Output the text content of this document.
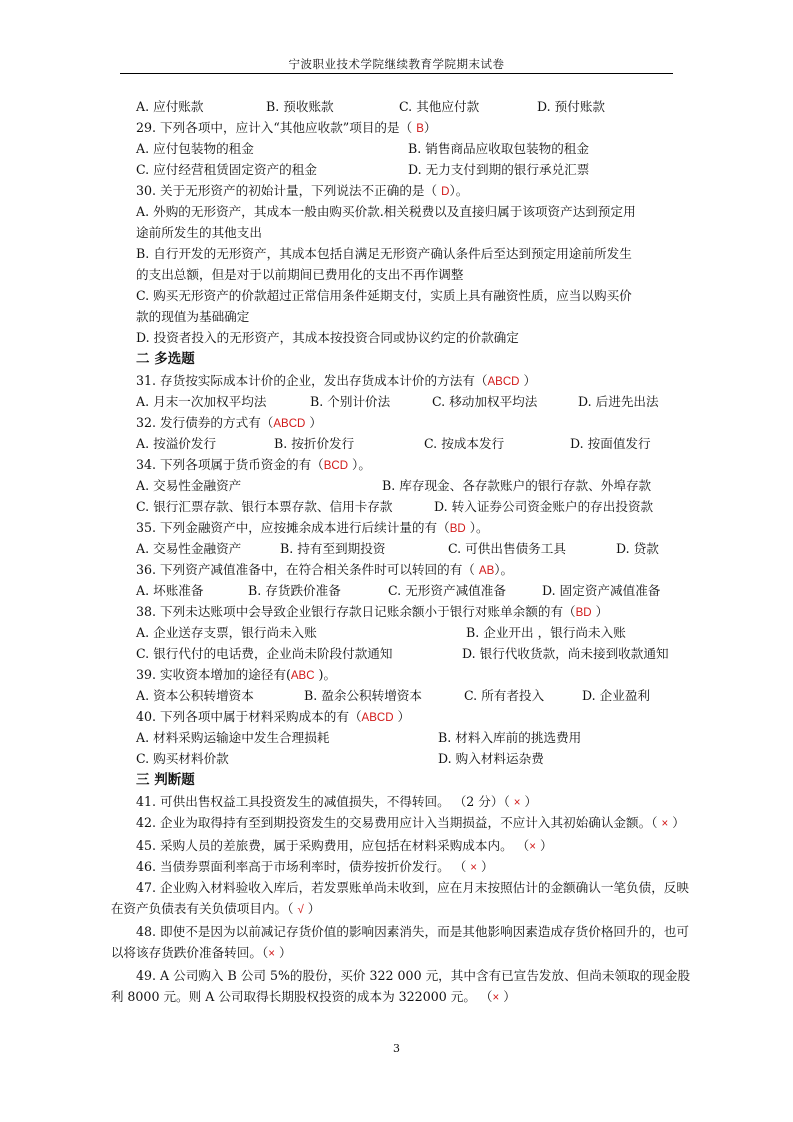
宁波职业技术学院继续教育学院期末试卷
A. 应付账款	B. 预收账款	C. 其他应付款	D. 预付账款
29. 下列各项中，应计入“其他应收款”项目的是（ B）
A. 应付包装物的租金	B. 销售商品应收取包装物的租金
C. 应付经营租赁固定资产的租金	D. 无力支付到期的银行承兑汇票
30. 关于无形资产的初始计量，下列说法不正确的是（ D）。
A. 外购的无形资产，其成本一般由购买价款.相关税费以及直接归属于该项资产达到预定用
途前所发生的其他支出
B. 自行开发的无形资产，其成本包括自满足无形资产确认条件后至达到预定用途前所发生
的支出总额，但是对于以前期间已费用化的支出不再作调整
C. 购买无形资产的价款超过正常信用条件延期支付，实质上具有融资性质，应当以购买价
款的现值为基础确定
D. 投资者投入的无形资产，其成本按投资合同或协议约定的价款确定
二 多选题
31. 存货按实际成本计价的企业，发出存货成本计价的方法有（ABCD ）
A. 月末一次加权平均法	B. 个别计价法	C. 移动加权平均法	D. 后进先出法
32. 发行债券的方式有（ABCD ）
A. 按溢价发行	B. 按折价发行	C. 按成本发行	D. 按面值发行
34. 下列各项属于货币资金的有（BCD ）。
A. 交易性金融资产	B. 库存现金、各存款账户的银行存款、外埠存款
C. 银行汇票存款、银行本票存款、信用卡存款	D. 转入证券公司资金账户的存出投资款
35. 下列金融资产中，应按摊余成本进行后续计量的有（BD ）。
A. 交易性金融资产	B. 持有至到期投资	C. 可供出售债务工具	D. 贷款
36. 下列资产减值准备中，在符合相关条件时可以转回的有（ AB）。
A. 坏账准备	B. 存货跌价准备	C. 无形资产减值准备	D. 固定资产减值准备
38. 下列未达账项中会导致企业银行存款日记账余额小于银行对账单余额的有（BD ）
A. 企业送存支票，银行尚未入账	B. 企业开出 ，银行尚未入账
C. 银行代付的电话费，企业尚未阶段付款通知	D. 银行代收货款，尚未接到收款通知
39. 实收资本增加的途径有(ABC )。
A. 资本公积转增资本	B. 盈余公积转增资本	C. 所有者投入	D. 企业盈利
40. 下列各项中属于材料采购成本的有（ABCD ）
A. 材料采购运输途中发生合理损耗	B. 材料入库前的挑选费用
C. 购买材料价款	D. 购入材料运杂费
三 判断题
41. 可供出售权益工具投资发生的减值损失，不得转回。 （2 分）（ × ）
42. 企业为取得持有至到期投资发生的交易费用应计入当期损益，不应计入其初始确认金额。（ × ）
45. 采购人员的差旅费，属于采购费用，应包括在材料采购成本内。 （× ）
46. 当债券票面利率高于市场利率时，债券按折价发行。 （ × ）
47. 企业购入材料验收入库后，若发票账单尚未收到，应在月末按照估计的金额确认一笔负债，反映在资产负债表有关负债项目内。（ √ ）
48. 即使不是因为以前减记存货价值的影响因素消失，而是其他影响因素造成存货价格回升的，也可以将该存货跌价准备转回。（× ）
49. A 公司购入 B 公司 5%的股份，买价 322 000 元，其中含有已宣告发放、但尚未领取的现金股利 8000 元。则 A 公司取得长期股权投资的成本为 322000 元。 （× ）
3
